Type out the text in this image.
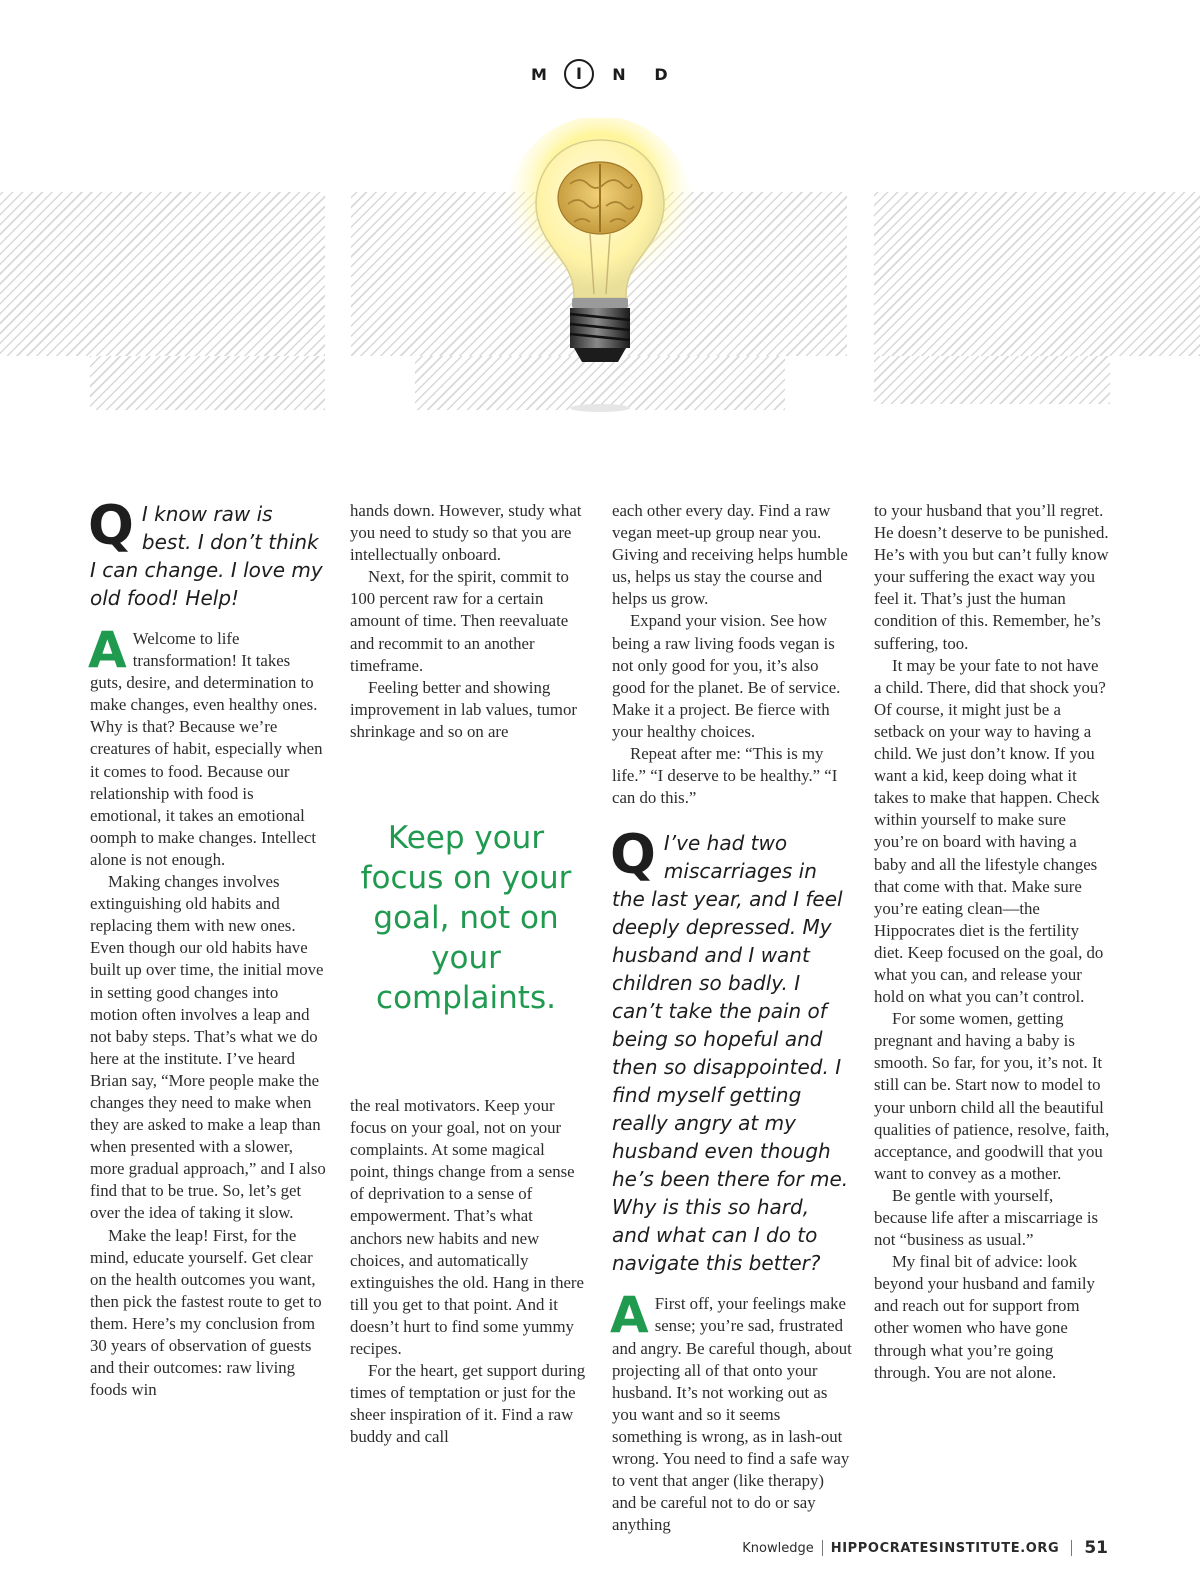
M	I	N	D
Q I know raw is best. I don’t think I can change. I love my old food! Help!

A Welcome to life transformation! It takes guts, desire, and determination to make changes, even healthy ones. Why is that? Because we’re creatures of habit, especially when it comes to food. Because our relationship with food is emotional, it takes an emotional oomph to make changes. Intellect alone is not enough.

Making changes involves extinguishing old habits and replacing them with new ones. Even though our old habits have built up over time, the initial move in setting good changes into motion often involves a leap and not baby steps. That’s what we do here at the institute. I’ve heard Brian say, “More people make the changes they need to make when they are asked to make a leap than when presented with a slower, more gradual approach,” and I also find that to be true. So, let’s get over the idea of taking it slow.

Make the leap! First, for the mind, educate yourself. Get clear on the health outcomes you want, then pick the fastest route to get to them. Here’s my conclusion from 30 years of observation of guests and their outcomes: raw living foods win

hands down. However, study what you need to study so that you are intellectually onboard.

Next, for the spirit, commit to 100 percent raw for a certain amount of time. Then reevaluate and recommit to an another timeframe.

Feeling better and showing improvement in lab values, tumor shrinkage and so on are

Keep your focus on your goal, not on your complaints.

the real motivators. Keep your focus on your goal, not on your complaints. At some magical point, things change from a sense of deprivation to a sense of empowerment. That’s what anchors new habits and new choices, and automatically extinguishes the old. Hang in there till you get to that point. And it doesn’t hurt to find some yummy recipes.

For the heart, get support during times of temptation or just for the sheer inspiration of it. Find a raw buddy and call

each other every day. Find a raw vegan meet-up group near you. Giving and receiving helps humble us, helps us stay the course and helps us grow.

Expand your vision. See how being a raw living foods vegan is not only good for you, it’s also good for the planet. Be of service. Make it a project. Be fierce with your healthy choices.

Repeat after me: “This is my life.” “I deserve to be healthy.” “I can do this.”

Q I’ve had two miscarriages in the last year, and I feel deeply depressed. My husband and I want children so badly. I can’t take the pain of being so hopeful and then so disappointed. I find myself getting really angry at my husband even though he’s been there for me. Why is this so hard, and what can I do to navigate this better?

A First off, your feelings make sense; you’re sad, frustrated and angry. Be careful though, about projecting all of that onto your husband. It’s not working out as you want and so it seems something is wrong, as in lash-out wrong. You need to find a safe way to vent that anger (like therapy) and be careful not to do or say anything

to your husband that you’ll regret. He doesn’t deserve to be punished. He’s with you but can’t fully know your suffering the exact way you feel it. That’s just the human condition of this. Remember, he’s suffering, too.

It may be your fate to not have a child. There, did that shock you? Of course, it might just be a setback on your way to having a child. We just don’t know. If you want a kid, keep doing what it takes to make that happen. Check within yourself to make sure you’re on board with having a baby and all the lifestyle changes that come with that. Make sure you’re eating clean—the Hippocrates diet is the fertility diet. Keep focused on the goal, do what you can, and release your hold on what you can’t control.

For some women, getting pregnant and having a baby is smooth. So far, for you, it’s not. It still can be. Start now to model to your unborn child all the beautiful qualities of patience, resolve, faith, acceptance, and goodwill that you want to convey as a mother.

Be gentle with yourself, because life after a miscarriage is not “business as usual.”

My final bit of advice: look beyond your husband and family and reach out for support from other women who have gone through what you’re going through. You are not alone.

Knowledge HIPPOCRATESINSTITUTE.ORG 51
